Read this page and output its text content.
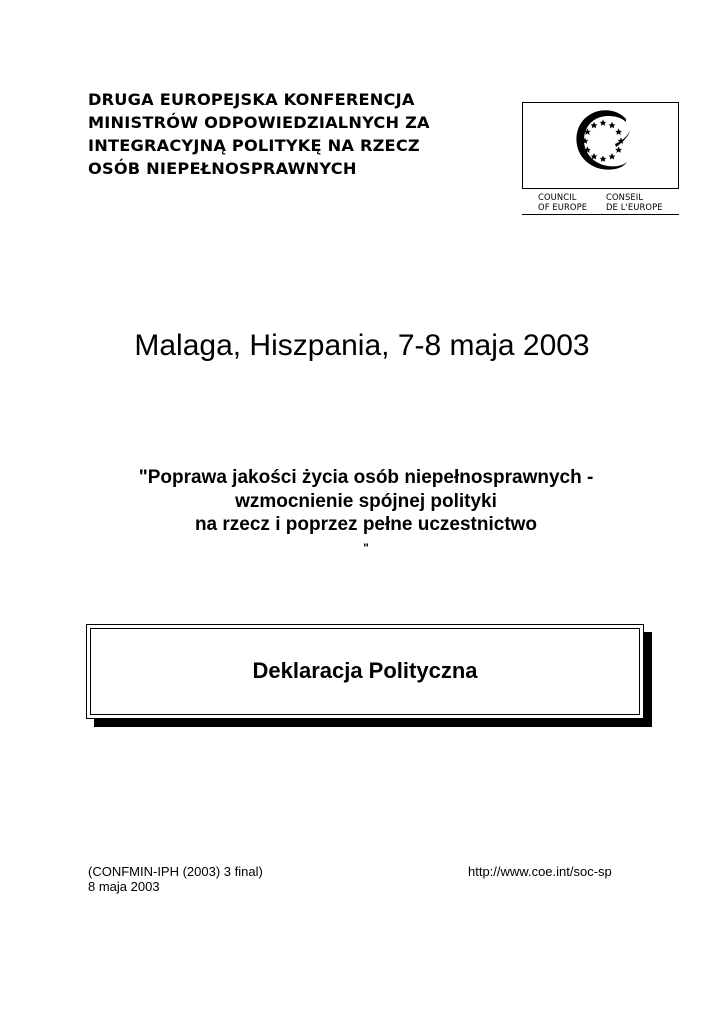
DRUGA EUROPEJSKA KONFERENCJA
MINISTRÓW ODPOWIEDZIALNYCH ZA
INTEGRACYJNĄ POLITYKĘ NA RZECZ
OSÓB NIEPEŁNOSPRAWNYCH
COUNCIL
OF EUROPE
CONSEIL
DE L'EUROPE
Malaga, Hiszpania, 7-8 maja 2003
"Poprawa jakości życia osób niepełnosprawnych -
wzmocnienie spójnej polityki
na rzecz i poprzez pełne uczestnictwo
"
Deklaracja Polityczna
(CONFMIN-IPH (2003) 3 final)
8 maja 2003
http://www.coe.int/soc-sp
